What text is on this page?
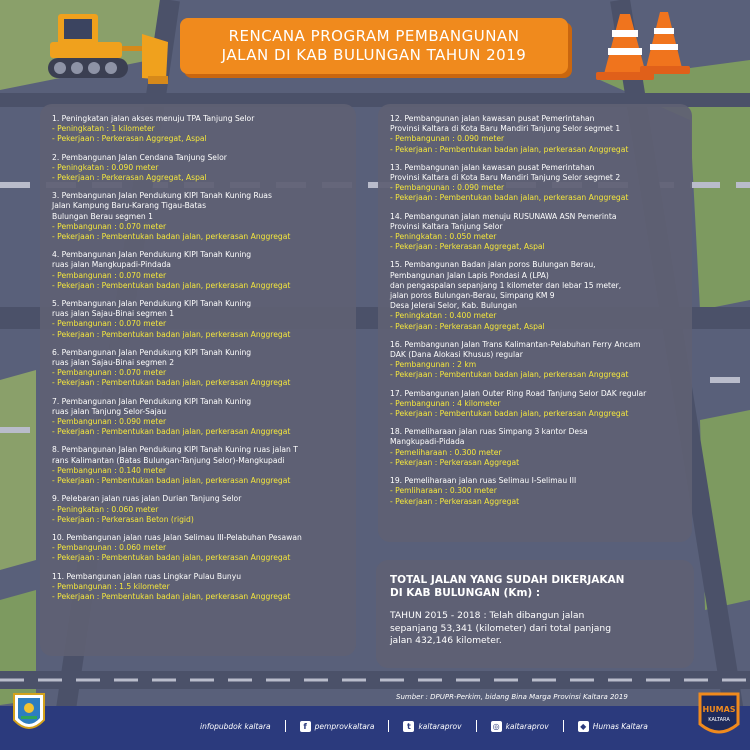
RENCANA PROGRAM PEMBANGUNAN
JALAN DI KAB BULUNGAN TAHUN 2019
1. Peningkatan jalan akses menuju TPA Tanjung Selor
- Peningkatan : 1 kilometer
- Pekerjaan : Perkerasan Aggregat, Aspal
2. Pembangunan Jalan Cendana Tanjung Selor
- Peningkatan : 0.090 meter
- Pekerjaan : Perkerasan Aggregat, Aspal
3. Pembangunan Jalan Pendukung KIPI Tanah Kuning Ruas
Jalan Kampung Baru-Karang Tigau-Batas
Bulungan Berau segmen 1
- Pembangunan : 0.070 meter
- Pekerjaan : Pembentukan badan jalan, perkerasan Anggregat
4. Pembangunan Jalan Pendukung KIPI Tanah Kuning
ruas jalan Mangkupadi-Pindada
- Pembangunan : 0.070 meter
- Pekerjaan : Pembentukan badan jalan, perkerasan Anggregat
5. Pembangunan Jalan Pendukung KIPI Tanah Kuning
ruas jalan Sajau-Binai segmen 1
- Pembangunan : 0.070 meter
- Pekerjaan : Pembentukan badan jalan, perkerasan Anggregat
6. Pembangunan Jalan Pendukung KIPI Tanah Kuning
ruas jalan Sajau-Binai segmen 2
- Pembangunan : 0.070 meter
- Pekerjaan : Pembentukan badan jalan, perkerasan Anggregat
7. Pembangunan Jalan Pendukung KIPI Tanah Kuning
ruas jalan Tanjung Selor-Sajau
- Pembangunan : 0.090 meter
- Pekerjaan : Pembentukan badan jalan, perkerasan Anggregat
8. Pembangunan Jalan Pendukung KIPI Tanah Kuning ruas jalan T
rans Kalimantan (Batas Bulungan-Tanjung Selor)-Mangkupadi
- Pembangunan : 0.140 meter
- Pekerjaan : Pembentukan badan jalan, perkerasan Anggregat
9. Pelebaran jalan ruas jalan Durian Tanjung Selor
- Peningkatan : 0.060 meter
- Pekerjaan : Perkerasan Beton (rigid)
10. Pembangunan jalan ruas Jalan Selimau III-Pelabuhan Pesawan
- Pembangunan : 0.060 meter
- Pekerjaan : Pembentukan badan jalan, perkerasan Anggregat
11. Pembangunan jalan ruas Lingkar Pulau Bunyu
- Pembangunan : 1.5 kilometer
- Pekerjaan : Pembentukan badan jalan, perkerasan Anggregat
12. Pembangunan jalan kawasan pusat Pemerintahan
Provinsi Kaltara di Kota Baru Mandiri Tanjung Selor segmet 1
- Pembangunan : 0.090 meter
- Pekerjaan : Pembentukan badan jalan, perkerasan Anggregat
13. Pembangunan jalan kawasan pusat Pemerintahan
Provinsi Kaltara di Kota Baru Mandiri Tanjung Selor segmet 2
- Pembangunan : 0.090 meter
- Pekerjaan : Pembentukan badan jalan, perkerasan Anggregat
14. Pembangunan jalan menuju RUSUNAWA ASN Pemerinta
Provinsi Kaltara Tanjung Selor
- Peningkatan : 0.050 meter
- Pekerjaan : Perkerasan Aggregat, Aspal
15. Pembangunan Badan jalan poros Bulungan Berau,
Pembangunan Jalan Lapis Pondasi A (LPA)
dan pengaspalan sepanjang 1 kilometer dan lebar 15 meter,
jalan poros Bulungan-Berau, Simpang KM 9
Desa Jelerai Selor, Kab. Bulungan
- Peningkatan : 0.400 meter
- Pekerjaan : Perkerasan Aggregat, Aspal
16. Pembangunan Jalan Trans Kalimantan-Pelabuhan Ferry Ancam
DAK (Dana Alokasi Khusus) regular
- Pembangunan : 2 km
- Pekerjaan : Pembentukan badan jalan, perkerasan Anggregat
17. Pembangunan Jalan Outer Ring Road Tanjung Selor DAK regular
- Pembangunan : 4 kilometer
- Pekerjaan : Pembentukan badan jalan, perkerasan Anggregat
18. Pemeliharaan jalan ruas Simpang 3 kantor Desa
Mangkupadi-Pidada
- Pemeliharaan : 0.300 meter
- Pekerjaan : Perkerasan Aggregat
19. Pemeliharaan jalan ruas Selimau I-Selimau III
- Pemliharaan : 0.300 meter
- Pekerjaan : Perkerasan Aggregat
TOTAL JALAN YANG SUDAH DIKERJAKAN
DI KAB BULUNGAN (Km) :
TAHUN 2015 - 2018 : Telah dibangun jalan sepanjang 53,341 (kilometer) dari total panjang jalan 432,146 kilometer.
Sumber : DPUPR-Perkim, bidang Bina Marga Provinsi Kaltara 2019
infopubdok kaltara	f	pemprovkaltara	t	kaltaraprov	◎ kaltaraprov	◆ Humas Kaltara
HUMAS
KALTARA
